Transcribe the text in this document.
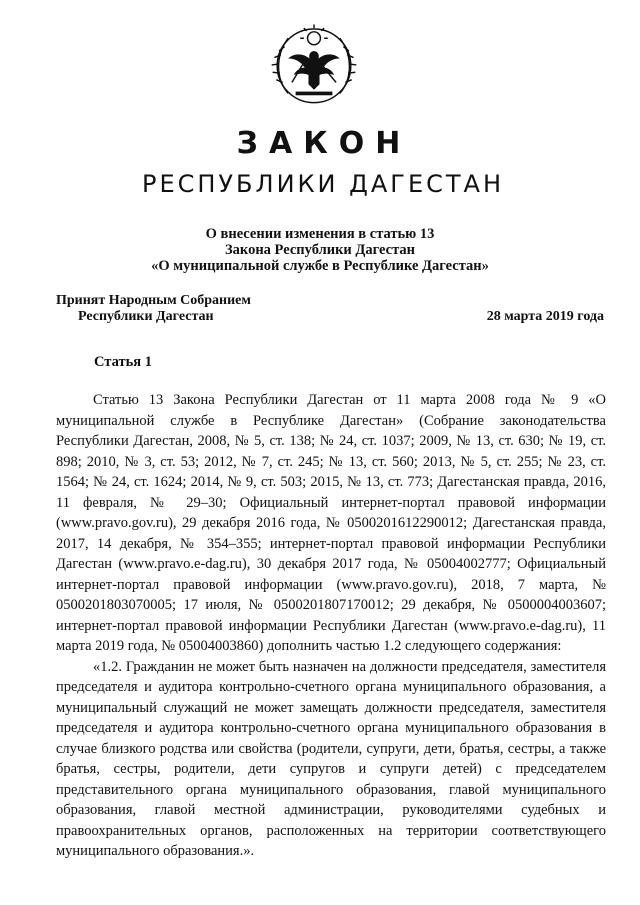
ЗАКОН
РЕСПУБЛИКИ ДАГЕСТАН
О внесении изменения в статью 13
Закона Республики Дагестан
«О муниципальной службе в Республике Дагестан»
Принят Народным Собранием
Республики Дагестан	28 марта 2019 года
Статья 1

Статью 13 Закона Республики Дагестан от 11 марта 2008 года № 9 «О муниципальной службе в Республике Дагестан» (Собрание законодательства Республики Дагестан, 2008, № 5, ст. 138; № 24, ст. 1037; 2009, № 13, ст. 630; № 19, ст. 898; 2010, № 3, ст. 53; 2012, № 7, ст. 245; № 13, ст. 560; 2013, № 5, ст. 255; № 23, ст. 1564; № 24, ст. 1624; 2014, № 9, ст. 503; 2015, № 13, ст. 773; Дагестанская правда, 2016, 11 февраля, № 29–30; Официальный интернет-портал правовой информации (www.pravo.gov.ru), 29 декабря 2016 года, № 0500201612290012; Дагестанская правда, 2017, 14 декабря, № 354–355; интернет-портал правовой информации Республики Дагестан (www.pravo.e-dag.ru), 30 декабря 2017 года, № 05004002777; Официальный интернет-портал правовой информации (www.pravo.gov.ru), 2018, 7 марта, № 0500201803070005; 17 июля, № 0500201807170012; 29 декабря, № 0500004003607; интернет-портал правовой информации Республики Дагестан (www.pravo.e-dag.ru), 11 марта 2019 года, № 05004003860) дополнить частью 1.2 следующего содержания:

«1.2. Гражданин не может быть назначен на должности председателя, заместителя председателя и аудитора контрольно-счетного органа муниципального образования, а муниципальный служащий не может замещать должности председателя, заместителя председателя и аудитора контрольно-счетного органа муниципального образования в случае близкого родства или свойства (родители, супруги, дети, братья, сестры, а также братья, сестры, родители, дети супругов и супруги детей) с председателем представительного органа муниципального образования, главой муниципального образования, главой местной администрации, руководителями судебных и правоохранительных органов, расположенных на территории соответствующего муниципального образования.».
